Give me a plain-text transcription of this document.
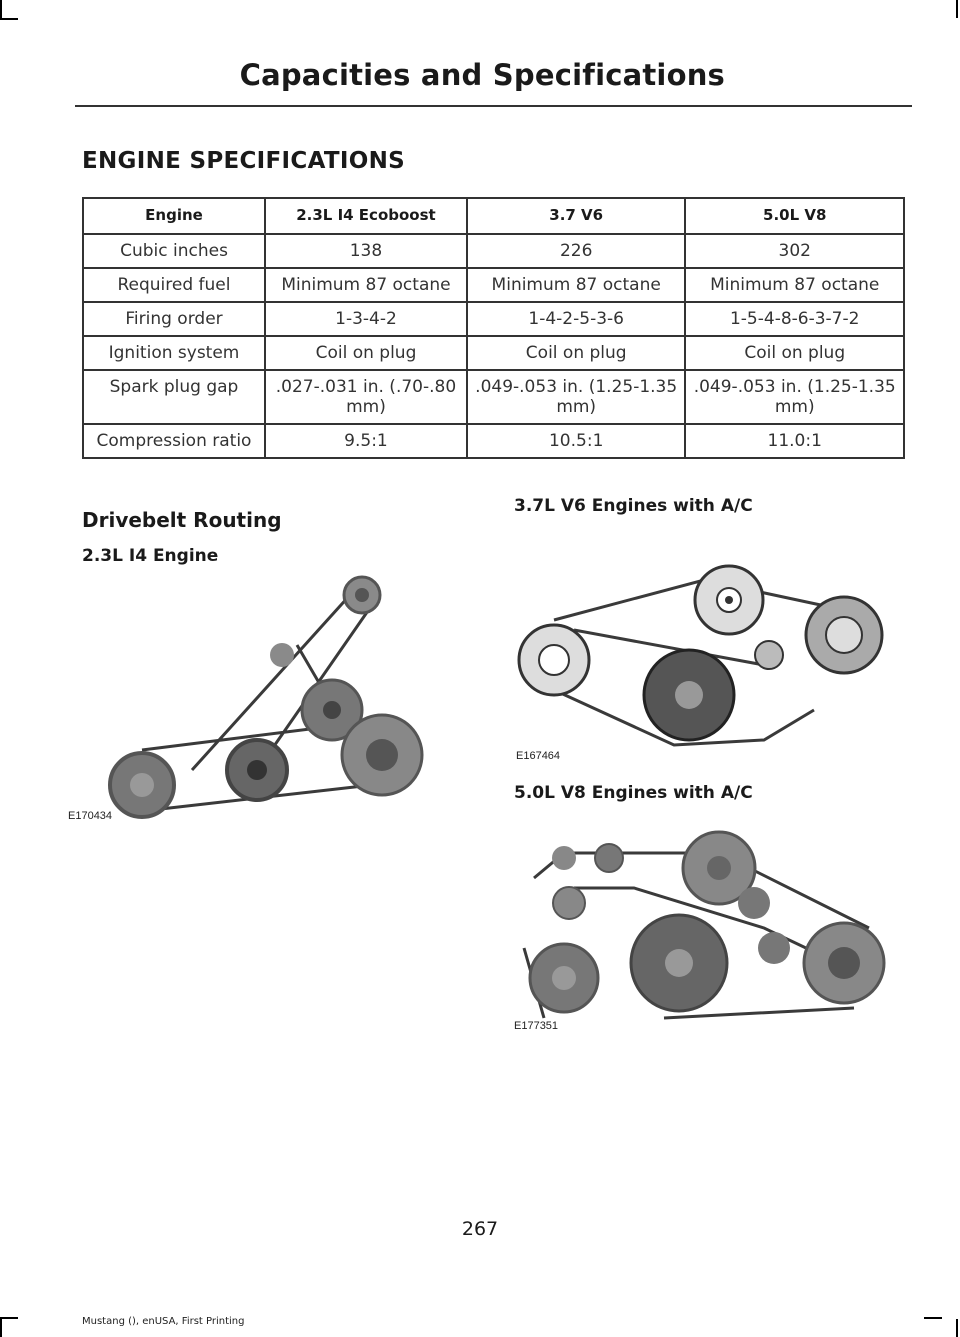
Capacities and Specifications
ENGINE SPECIFICATIONS
Engine	2.3L I4 Ecoboost	3.7 V6	5.0L V8
Cubic inches	138	226	302
Required fuel	Minimum 87 octane	Minimum 87 octane	Minimum 87 octane
Firing order	1-3-4-2	1-4-2-5-3-6	1-5-4-8-6-3-7-2
Ignition system	Coil on plug	Coil on plug	Coil on plug
Spark plug gap	.027-.031 in. (.70-.80 mm)	.049-.053 in. (1.25-1.35 mm)	.049-.053 in. (1.25-1.35 mm)
Compression ratio	9.5:1	10.5:1	11.0:1
Drivebelt Routing
2.3L I4 Engine
3.7L V6 Engines with A/C
5.0L V8 Engines with A/C
E170434
E167464
E177351
267
Mustang (), enUSA, First Printing
